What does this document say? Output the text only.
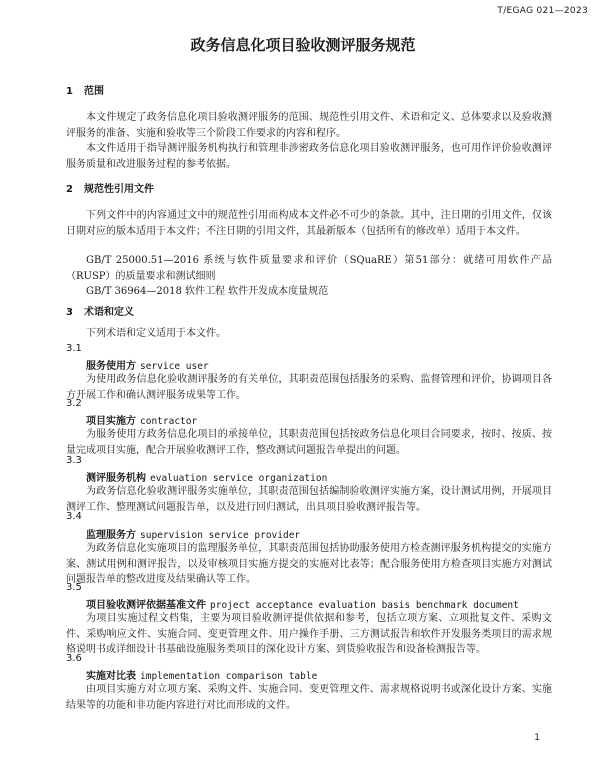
T/EGAG 021—2023
政务信息化项目验收测评服务规范
1 范围
本文件规定了政务信息化项目验收测评服务的范围、规范性引用文件、术语和定义、总体要求以及验收测评服务的准备、实施和验收等三个阶段工作要求的内容和程序。
本文件适用于指导测评服务机构执行和管理非涉密政务信息化项目验收测评服务，也可用作评价验收测评服务质量和改进服务过程的参考依据。
2 规范性引用文件
下列文件中的内容通过文中的规范性引用而构成本文件必不可少的条款。其中，注日期的引用文件，仅该日期对应的版本适用于本文件；不注日期的引用文件，其最新版本（包括所有的修改单）适用于本文件。
GB/T 25000.51—2016 系统与软件质量要求和评价（SQuaRE）第51部分：就绪可用软件产品（RUSP）的质量要求和测试细则
GB/T 36964—2018 软件工程 软件开发成本度量规范
3 术语和定义
下列术语和定义适用于本文件。
3.1
服务使用方 service user
为使用政务信息化验收测评服务的有关单位，其职责范围包括服务的采购、监督管理和评价，协调项目各方开展工作和确认测评服务成果等工作。
3.2
项目实施方 contractor
为服务使用方政务信息化项目的承接单位，其职责范围包括按政务信息化项目合同要求，按时、按质、按量完成项目实施，配合开展验收测评工作，整改测试问题报告单提出的问题。
3.3
测评服务机构 evaluation service organization
为政务信息化验收测评服务实施单位，其职责范围包括编制验收测评实施方案，设计测试用例，开展项目测评工作、整理测试问题报告单，以及进行回归测试，出具项目验收测评报告等。
3.4
监理服务方 supervision service provider
为政务信息化实施项目的监理服务单位，其职责范围包括协助服务使用方检查测评服务机构提交的实施方案、测试用例和测评报告，以及审核项目实施方提交的实施对比表等；配合服务使用方检查项目实施方对测试问题报告单的整改进度及结果确认等工作。
3.5
项目验收测评依据基准文件 project acceptance evaluation basis benchmark document
为项目实施过程文档集，主要为项目验收测评提供依据和参考，包括立项方案、立项批复文件、采购文件、采购响应文件、实施合同、变更管理文件、用户操作手册、三方测试报告和软件开发服务类项目的需求规格说明书或详细设计书基础设施服务类项目的深化设计方案、到货验收报告和设备检测报告等。
3.6
实施对比表 implementation comparison table
由项目实施方对立项方案、采购文件、实施合同、变更管理文件、需求规格说明书或深化设计方案、实施结果等的功能和非功能内容进行对比而形成的文件。
1
